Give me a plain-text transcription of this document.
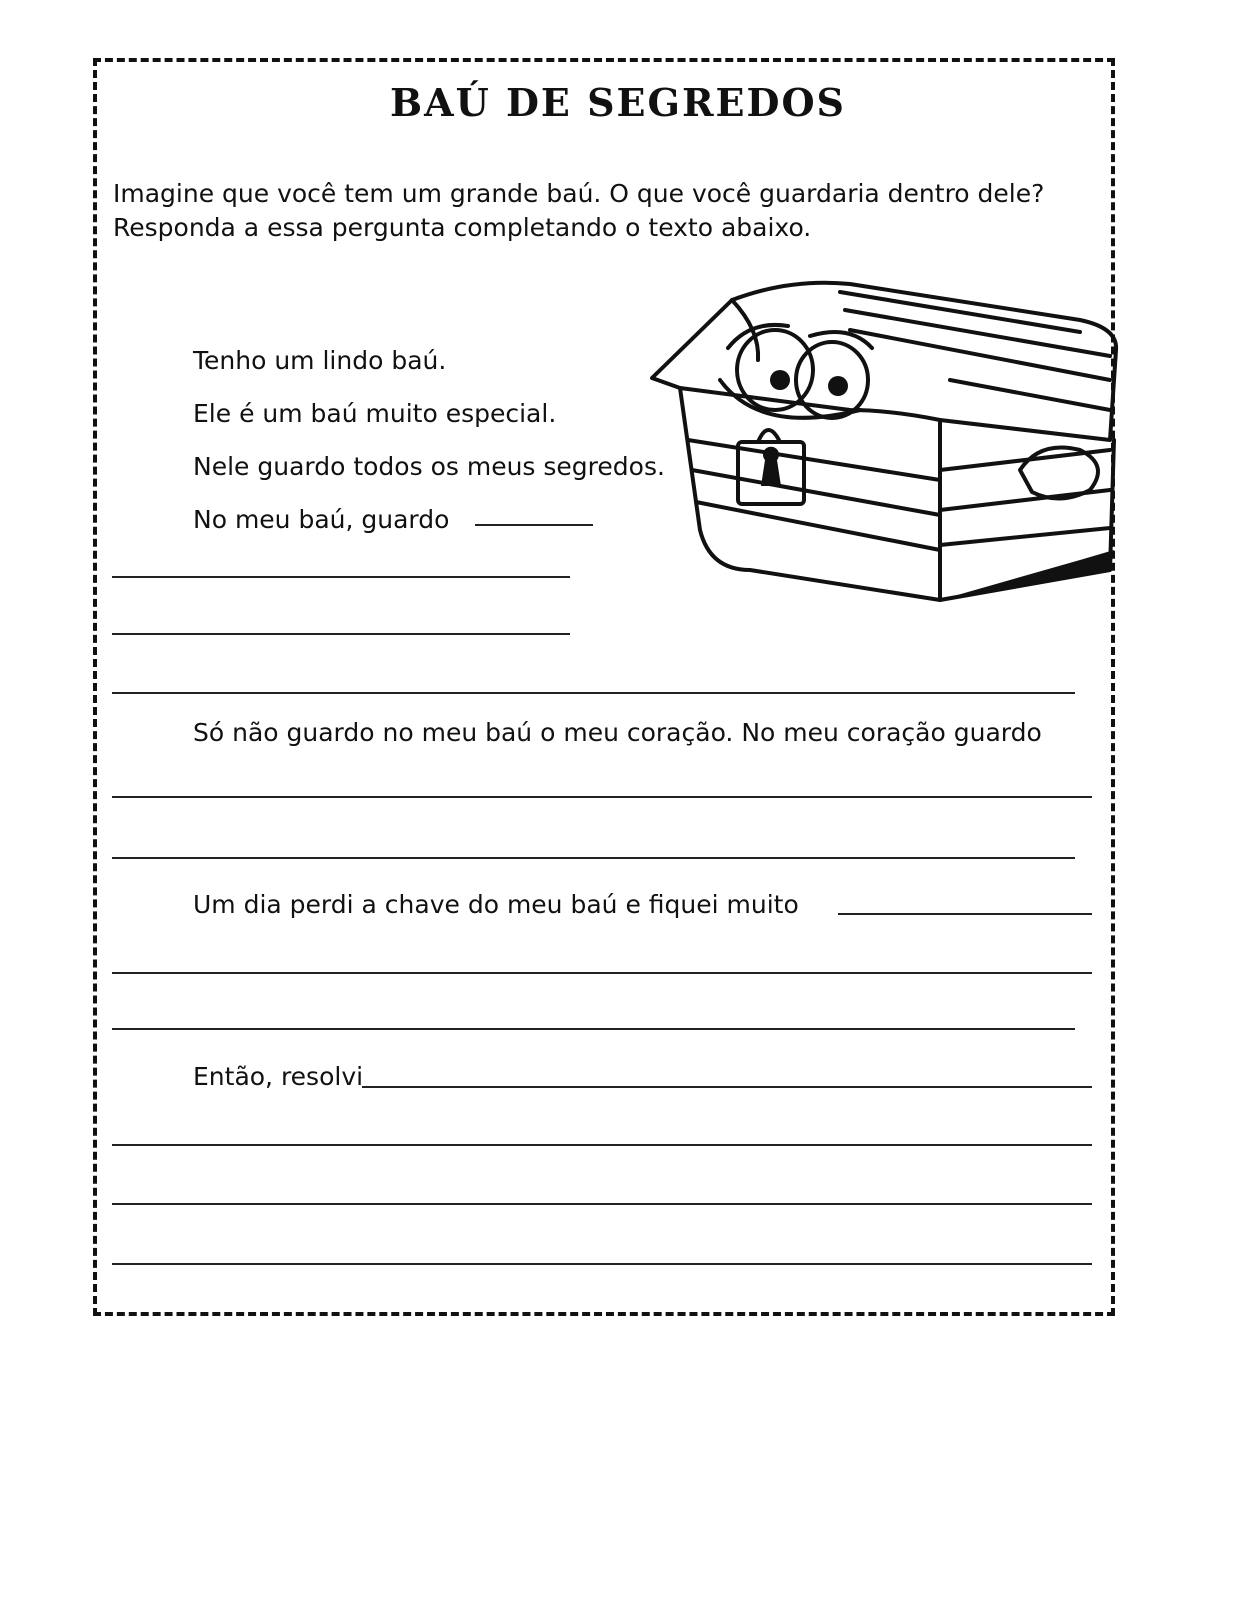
BAÚ DE SEGREDOS
Imagine que você tem um grande baú. O que você guardaria dentro dele?
Responda a essa pergunta completando o texto abaixo.
Tenho um lindo baú.
Ele é um baú muito especial.
Nele guardo todos os meus segredos.
No meu baú, guardo
Só não guardo no meu baú o meu coração. No meu coração guardo
Um dia perdi a chave do meu baú e fiquei muito
Então, resolvi
